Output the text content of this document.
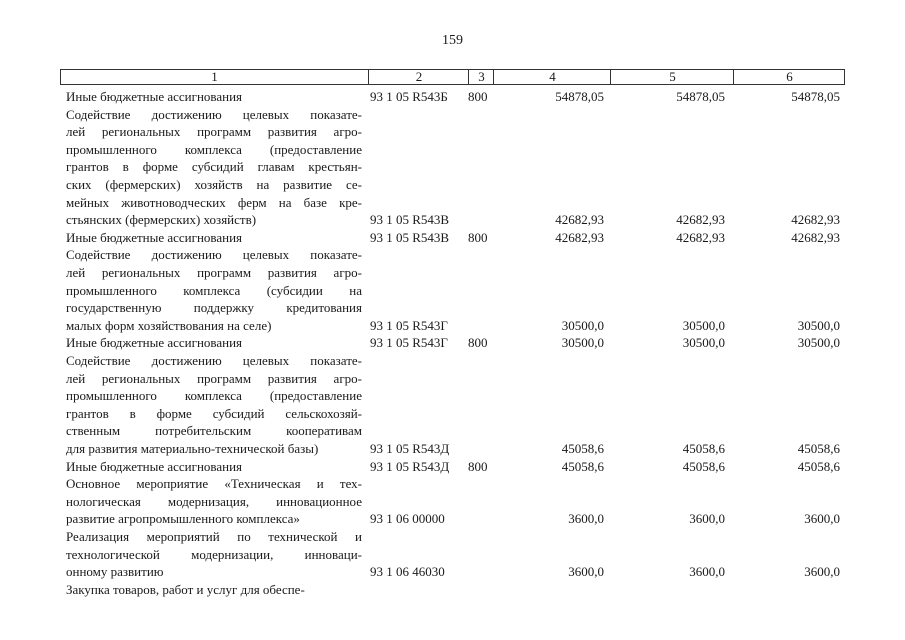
159
1	2	3	4	5	6
Иные бюджетные ассигнования	93 1 05 R543Б 800	54878,05	54878,05	54878,05
Содействие достижению целевых показате-
лей региональных программ развития агро-
промышленного комплекса (предоставление
грантов в форме субсидий главам крестьян-
ских (фермерских) хозяйств на развитие се-
мейных животноводческих ферм на базе кре-
стьянских (фермерских) хозяйств)	93 1 05 R543В	42682,93	42682,93	42682,93
Иные бюджетные ассигнования	93 1 05 R543В 800	42682,93	42682,93	42682,93
Содействие достижению целевых показате-
лей региональных программ развития агро-
промышленного комплекса (субсидии на
государственную поддержку кредитования
малых форм хозяйствования на селе)	93 1 05 R543Г	30500,0	30500,0	30500,0
Иные бюджетные ассигнования	93 1 05 R543Г 800	30500,0	30500,0	30500,0
Содействие достижению целевых показате-
лей региональных программ развития агро-
промышленного комплекса (предоставление
грантов в форме субсидий сельскохозяй-
ственным потребительским кооперативам
для развития материально-технической базы)	93 1 05 R543Д	45058,6	45058,6	45058,6
Иные бюджетные ассигнования	93 1 05 R543Д 800	45058,6	45058,6	45058,6
Основное мероприятие «Техническая и тех-
нологическая модернизация, инновационное
развитие агропромышленного комплекса»	93 1 06 00000	3600,0	3600,0	3600,0
Реализация мероприятий по технической и
технологической модернизации, инноваци-
онному развитию	93 1 06 46030	3600,0	3600,0	3600,0
Закупка товаров, работ и услуг для обеспе-
